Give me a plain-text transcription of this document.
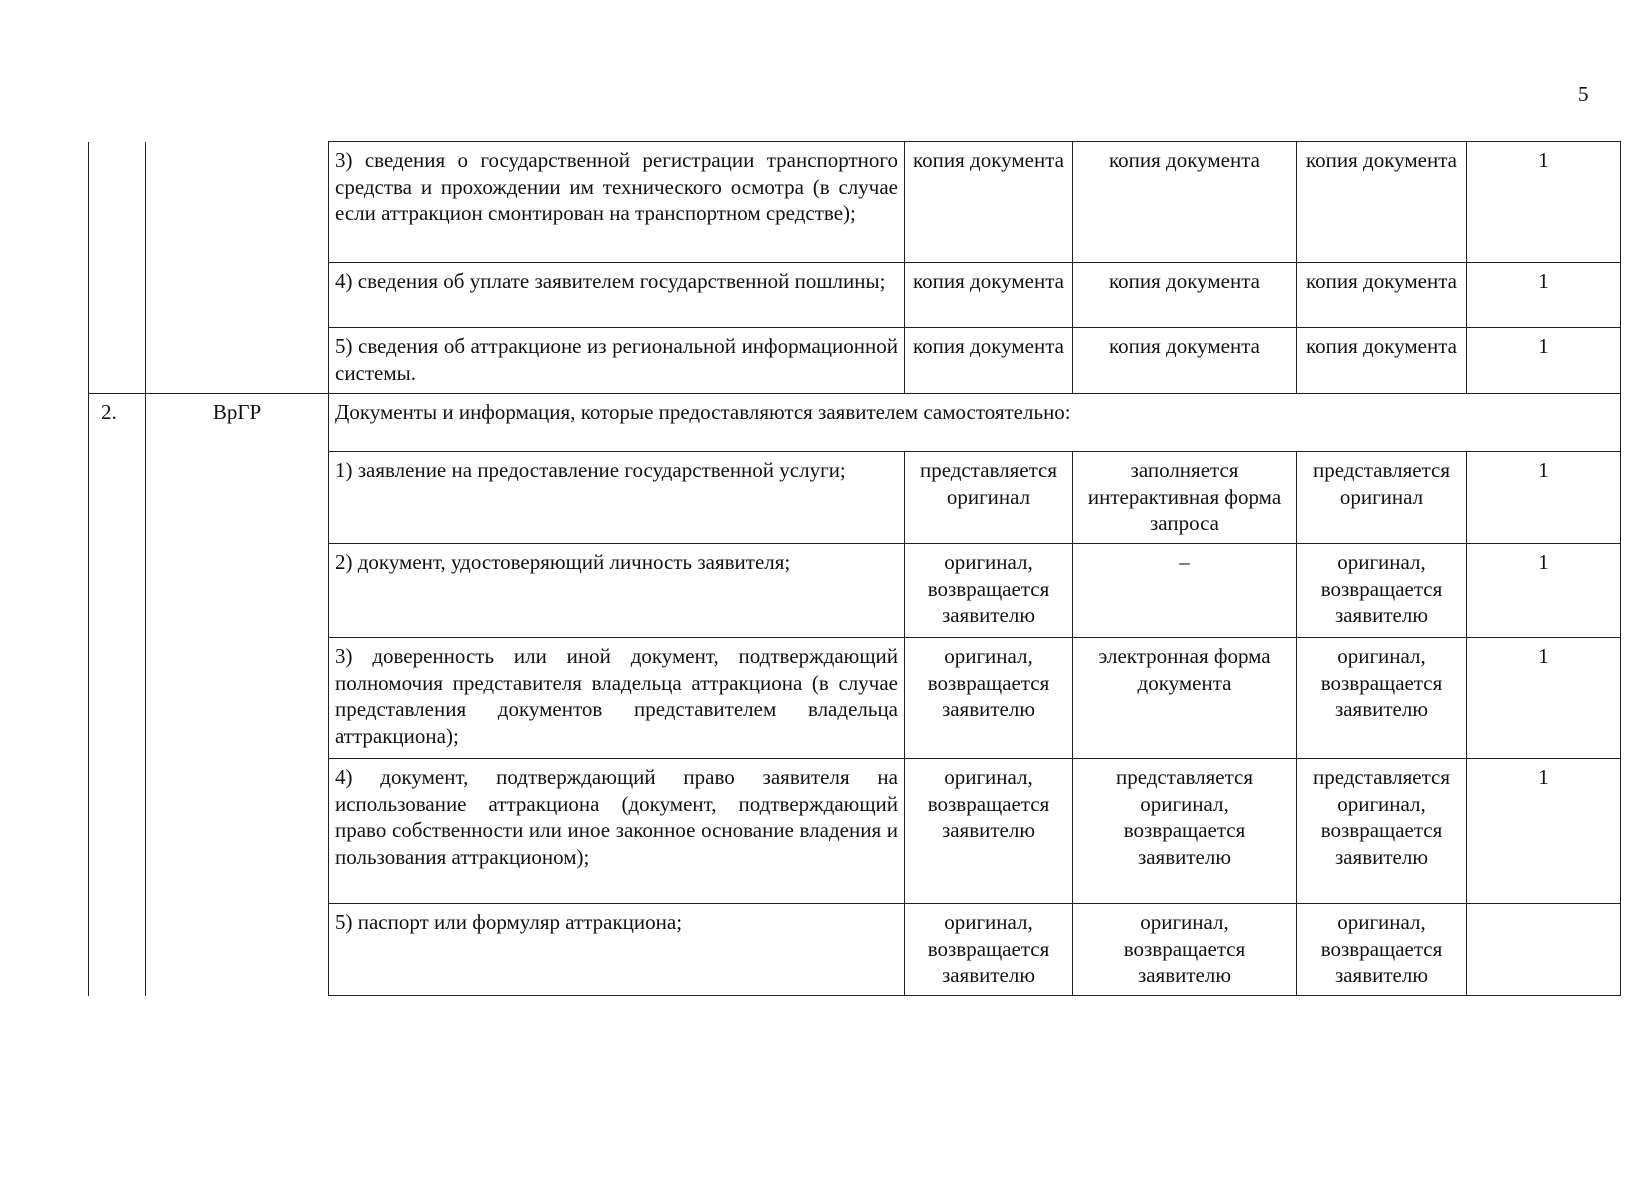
5
		3) сведения о государственной регистрации транспортного средства и прохождении им технического осмотра (в случае если аттракцион смонтирован на транспортном средстве);	копия документа	копия документа	копия документа	1
		4) сведения об уплате заявителем государственной пошлины;	копия документа	копия документа	копия документа	1
		5) сведения об аттракционе из региональной информационной системы.	копия документа	копия документа	копия документа	1
2.	ВрГР	Документы и информация, которые предоставляются заявителем самостоятельно:				
		1) заявление на предоставление государственной услуги;	представляется оригинал	заполняется интерактивная форма запроса	представляется оригинал	1
		2) документ, удостоверяющий личность заявителя;	оригинал, возвращается заявителю	–	оригинал, возвращается заявителю	1
		3) доверенность или иной документ, подтверждающий полномочия представителя владельца аттракциона (в случае представления документов представителем владельца аттракциона);	оригинал, возвращается заявителю	электронная форма документа	оригинал, возвращается заявителю	1
		4) документ, подтверждающий право заявителя на использование аттракциона (документ, подтверждающий право собственности или иное законное основание владения и пользования аттракционом);	оригинал, возвращается заявителю	представляется оригинал, возвращается заявителю	представляется оригинал, возвращается заявителю	1
		5) паспорт или формуляр аттракциона;	оригинал, возвращается заявителю	оригинал, возвращается заявителю	оригинал, возвращается заявителю	
